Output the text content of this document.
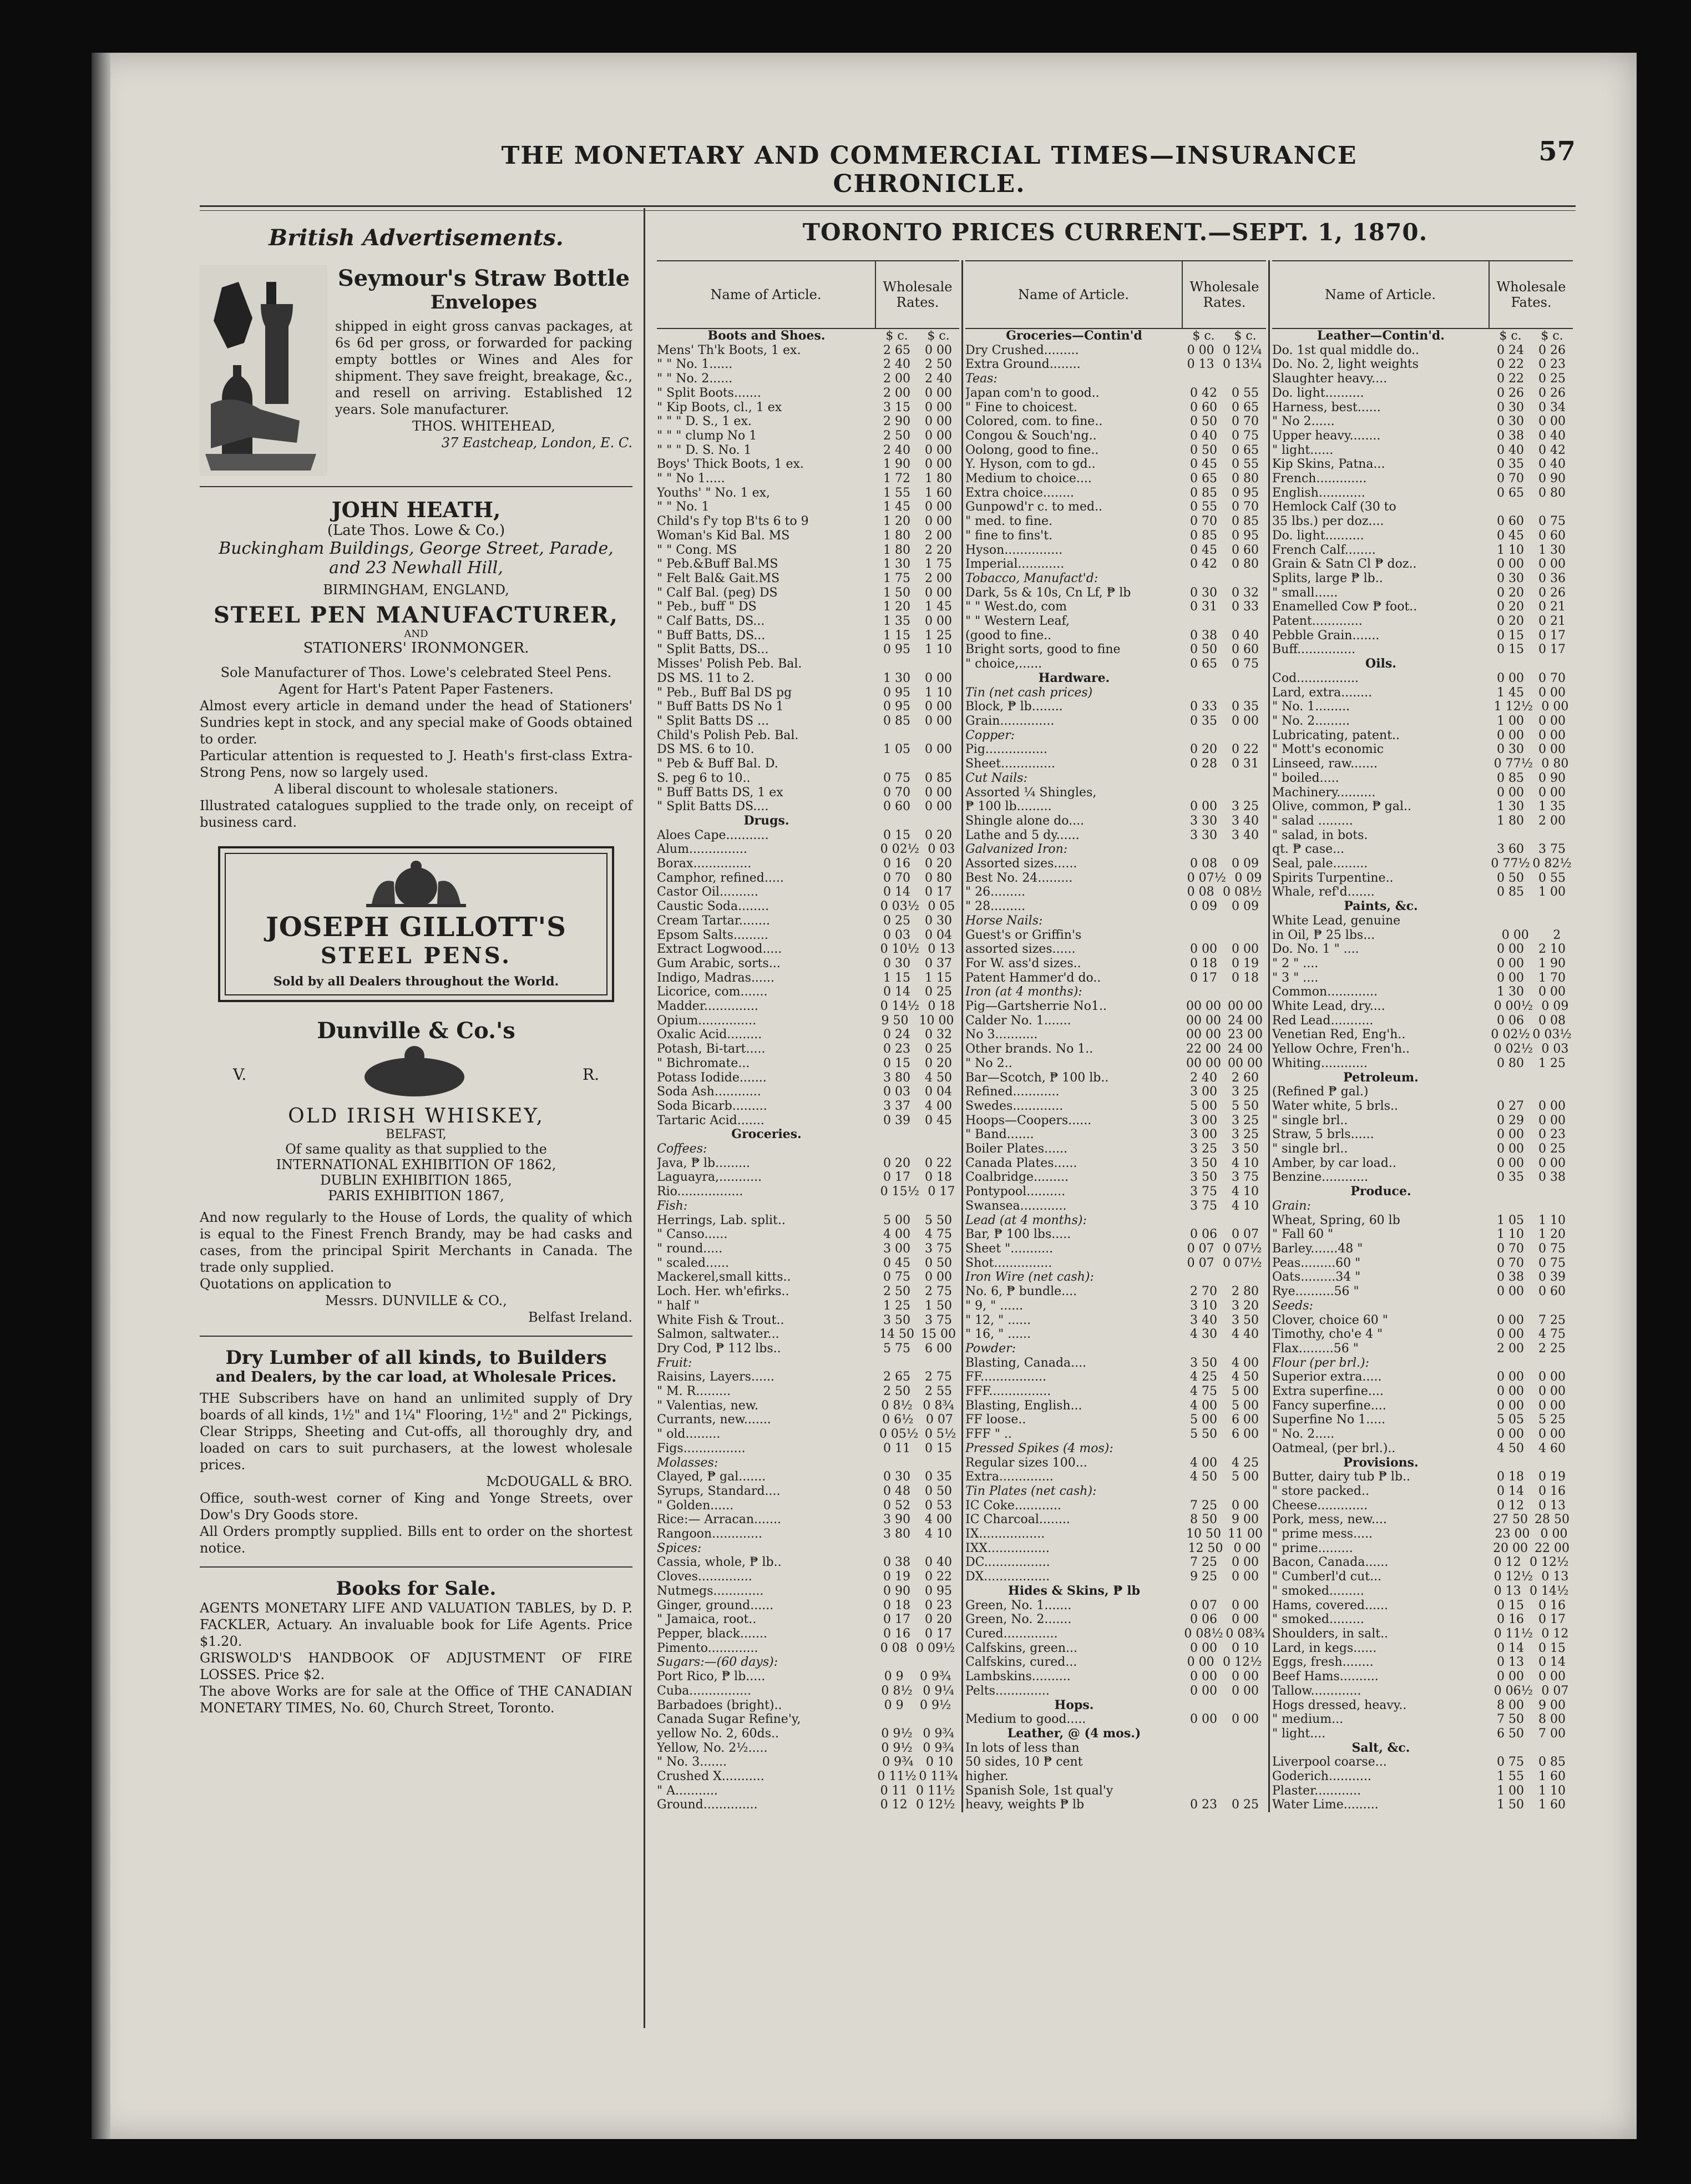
THE MONETARY AND COMMERCIAL TIMES—INSURANCE CHRONICLE.
57
British Advertisements.
Seymour's Straw Bottle
Envelopes
shipped in eight gross canvas packages, at 6s 6d per gross, or forwarded for packing empty bottles or Wines and Ales for shipment. They save freight, breakage, &c., and resell on arriving. Established 12 years. Sole manufacturer.
THOS. WHITEHEAD,
37 Eastcheap, London, E. C.
JOHN HEATH,
(Late Thos. Lowe & Co.)
Buckingham Buildings, George Street, Parade,
and 23 Newhall Hill,
BIRMINGHAM, ENGLAND,
STEEL PEN MANUFACTURER,
AND
STATIONERS' IRONMONGER.
Sole Manufacturer of Thos. Lowe's celebrated Steel Pens.
Agent for Hart's Patent Paper Fasteners.
Almost every article in demand under the head of Stationers' Sundries kept in stock, and any special make of Goods obtained to order.
Particular attention is requested to J. Heath's first-class Extra-Strong Pens, now so largely used.
A liberal discount to wholesale stationers.
Illustrated catalogues supplied to the trade only, on receipt of business card.
JOSEPH GILLOTT'S
STEEL PENS.
Sold by all Dealers throughout the World.
Dunville & Co.'s
V.	R.
OLD IRISH WHISKEY,
BELFAST,
Of same quality as that supplied to the
INTERNATIONAL EXHIBITION OF 1862,
DUBLIN EXHIBITION 1865,
PARIS EXHIBITION 1867,
And now regularly to the House of Lords, the quality of which is equal to the Finest French Brandy, may be had casks and cases, from the principal Spirit Merchants in Canada. The trade only supplied.
Quotations on application to
Messrs. DUNVILLE & CO.,
Belfast Ireland.
Dry Lumber of all kinds, to Builders
and Dealers, by the car load, at Wholesale Prices.
THE Subscribers have on hand an unlimited supply of Dry boards of all kinds, 1½" and 1¼" Flooring, 1½" and 2" Pickings, Clear Stripps, Sheeting and Cut-offs, all thoroughly dry, and loaded on cars to suit purchasers, at the lowest wholesale prices.
McDOUGALL & BRO.
Office, south-west corner of King and Yonge Streets, over Dow's Dry Goods store.
All Orders promptly supplied. Bills ent to order on the shortest notice.
Books for Sale.
AGENTS MONETARY LIFE AND VALUATION TABLES, by D. P. FACKLER, Actuary. An invaluable book for Life Agents. Price $1.20.
GRISWOLD'S HANDBOOK OF ADJUSTMENT OF FIRE LOSSES. Price $2.
The above Works are for sale at the Office of THE CANADIAN MONETARY TIMES, No. 60, Church Street, Toronto.
TORONTO PRICES CURRENT.—SEPT. 1, 1870.
Name of Article.	Wholesale Rates.
Boots and Shoes.	$ c. $ c.
Mens' Th'k Boots, 1 ex.	2 65 0 00
" " No. 1......	2 40 2 50
" " No. 2......	2 00 2 40
" Split Boots.......	2 00 0 00
" Kip Boots, cl., 1 ex	3 15 0 00
" " " D. S., 1 ex.	2 90 0 00
" " " clump No 1	2 50 0 00
" " " D. S. No. 1	2 40 0 00
Boys' Thick Boots, 1 ex.	1 90 0 00
" " No 1.....	1 72 1 80
Youths' " No. 1 ex,	1 55 1 60
" " No. 1	1 45 0 00
Child's f'y top B'ts 6 to 9	1 20 0 00
Woman's Kid Bal. MS	1 80 2 00
" " Cong. MS	1 80 2 20
" Peb.&Buff Bal.MS	1 30 1 75
" Felt Bal& Gait.MS	1 75 2 00
" Calf Bal. (peg) DS	1 50 0 00
" Peb., buff " DS	1 20 1 45
" Calf Batts, DS...	1 35 0 00
" Buff Batts, DS...	1 15 1 25
" Split Batts, DS...	0 95 1 10
Misses' Polish Peb. Bal.
DS MS. 11 to 2.	1 30 0 00
" Peb., Buff Bal DS pg	0 95 1 10
" Buff Batts DS No 1	0 95 0 00
" Split Batts DS ...	0 85 0 00
Child's Polish Peb. Bal.
DS MS. 6 to 10.	1 05 0 00
" Peb & Buff Bal. D.
S. peg 6 to 10..	0 75 0 85
" Buff Batts DS, 1 ex	0 70 0 00
" Split Batts DS....	0 60 0 00
Drugs.
Aloes Cape...........	0 15 0 20
Alum...............	0 02½ 0 03
Borax...............	0 16 0 20
Camphor, refined.....	0 70 0 80
Castor Oil..........	0 14 0 17
Caustic Soda........	0 03½ 0 05
Cream Tartar........	0 25 0 30
Epsom Salts.........	0 03 0 04
Extract Logwood.....	0 10½ 0 13
Gum Arabic, sorts...	0 30 0 37
Indigo, Madras......	1 15 1 15
Licorice, com.......	0 14 0 25
Madder..............	0 14½ 0 18
Opium...............	9 50 10 00
Oxalic Acid.........	0 24 0 32
Potash, Bi-tart.....	0 23 0 25
" Bichromate...	0 15 0 20
Potass Iodide.......	3 80 4 50
Soda Ash............	0 03 0 04
Soda Bicarb.........	3 37 4 00
Tartaric Acid.......	0 39 0 45
Groceries.
Coffees:
Java, ₱ lb.........	0 20 0 22
Laguayra,...........	0 17 0 18
Rio.................	0 15½ 0 17
Fish:
Herrings, Lab. split..	5 00 5 50
" Canso......	4 00 4 75
" round.....	3 00 3 75
" scaled......	0 45 0 50
Mackerel,small kitts..	0 75 0 00
Loch. Her. wh'efirks..	2 50 2 75
" half "	1 25 1 50
White Fish & Trout..	3 50 3 75
Salmon, saltwater...	14 50 15 00
Dry Cod, ₱ 112 lbs..	5 75 6 00
Fruit:
Raisins, Layers......	2 65 2 75
" M. R.........	2 50 2 55
" Valentias, new.	0 8½ 0 8¾
Currants, new.......	0 6½ 0 07
" old.........	0 05½ 0 5½
Figs................	0 11 0 15
Molasses:
Clayed, ₱ gal.......	0 30 0 35
Syrups, Standard....	0 48 0 50
" Golden......	0 52 0 53
Rice:— Arracan.......	3 90 4 00
Rangoon.............	3 80 4 10
Spices:
Cassia, whole, ₱ lb..	0 38 0 40
Cloves..............	0 19 0 22
Nutmegs.............	0 90 0 95
Ginger, ground......	0 18 0 23
" Jamaica, root..	0 17 0 20
Pepper, black.......	0 16 0 17
Pimento.............	0 08 0 09½
Sugars:—(60 days):
Port Rico, ₱ lb.....	0 9 0 9¾
Cuba................	0 8½ 0 9¼
Barbadoes (bright)..	0 9 0 9½
Canada Sugar Refine'y,
yellow No. 2, 60ds..	0 9½ 0 9¾
Yellow, No. 2½.....	0 9½ 0 9¾
" No. 3.......	0 9¾ 0 10
Crushed X...........	0 11½ 0 11¾
" A...........	0 11 0 11½
Ground..............	0 12 0 12½
Name of Article.	Wholesale Rates.
Groceries—Contin'd	$ c. $ c.
Dry Crushed.........	0 00 0 12¼
Extra Ground........	0 13 0 13¼
Teas:
Japan com'n to good..	0 42 0 55
" Fine to choicest.	0 60 0 65
Colored, com. to fine..	0 50 0 70
Congou & Souch'ng..	0 40 0 75
Oolong, good to fine..	0 50 0 65
Y. Hyson, com to gd..	0 45 0 55
Medium to choice....	0 65 0 80
Extra choice........	0 85 0 95
Gunpowd'r c. to med..	0 55 0 70
" med. to fine.	0 70 0 85
" fine to fins't.	0 85 0 95
Hyson...............	0 45 0 60
Imperial............	0 42 0 80
Tobacco, Manufact'd:
Dark, 5s & 10s, Cn Lf, ₱ lb	0 30 0 32
" " West.do, com	0 31 0 33
" " Western Leaf,
(good to fine..	0 38 0 40
Bright sorts, good to fine	0 50 0 60
" choice,......	0 65 0 75
Hardware.
Tin (net cash prices)
Block, ₱ lb........	0 33 0 35
Grain..............	0 35 0 00
Copper:
Pig................	0 20 0 22
Sheet..............	0 28 0 31
Cut Nails:
Assorted ¼ Shingles,
₱ 100 lb.........	0 00 3 25
Shingle alone do....	3 30 3 40
Lathe and 5 dy......	3 30 3 40
Galvanized Iron:
Assorted sizes......	0 08 0 09
Best No. 24.........	0 07½ 0 09
" 26.........	0 08 0 08½
" 28.........	0 09 0 09
Horse Nails:
Guest's or Griffin's
assorted sizes......	0 00 0 00
For W. ass'd sizes..	0 18 0 19
Patent Hammer'd do..	0 17 0 18
Iron (at 4 months):
Pig—Gartsherrie No1..	00 00 00 00
Calder No. 1.......	00 00 24 00
No 3...........	00 00 23 00
Other brands. No 1..	22 00 24 00
" No 2..	00 00 00 00
Bar—Scotch, ₱ 100 lb..	2 40 2 60
Refined............	3 00 3 25
Swedes.............	5 00 5 50
Hoops—Coopers......	3 00 3 25
" Band.......	3 00 3 25
Boiler Plates......	3 25 3 50
Canada Plates......	3 50 4 10
Coalbridge.........	3 50 3 75
Pontypool..........	3 75 4 10
Swansea............	3 75 4 10
Lead (at 4 months):
Bar, ₱ 100 lbs.....	0 06 0 07
Sheet "...........	0 07 0 07½
Shot...............	0 07 0 07½
Iron Wire (net cash):
No. 6, ₱ bundle....	2 70 2 80
" 9, " ......	3 10 3 20
" 12, " ......	3 40 3 50
" 16, " ......	4 30 4 40
Powder:
Blasting, Canada....	3 50 4 00
FF.................	4 25 4 50
FFF................	4 75 5 00
Blasting, English...	4 00 5 00
FF loose..	5 00 6 00
FFF " ..	5 50 6 00
Pressed Spikes (4 mos):
Regular sizes 100...	4 00 4 25
Extra..............	4 50 5 00
Tin Plates (net cash):
IC Coke............	7 25 0 00
IC Charcoal........	8 50 9 00
IX.................	10 50 11 00
IXX................	12 50 0 00
DC.................	7 25 0 00
DX.................	9 25 0 00
Hides & Skins, ₱ lb
Green, No. 1.......	0 07 0 00
Green, No. 2.......	0 06 0 00
Cured..............	0 08½ 0 08¾
Calfskins, green...	0 00 0 10
Calfskins, cured...	0 00 0 12½
Lambskins..........	0 00 0 00
Pelts..............	0 00 0 00
Hops.
Medium to good.....	0 00 0 00
Leather, @ (4 mos.)
In lots of less than
50 sides, 10 ₱ cent
higher.
Spanish Sole, 1st qual'y
heavy, weights ₱ lb	0 23 0 25
Name of Article.	Wholesale Fates.
Leather—Contin'd.	$ c. $ c.
Do. 1st qual middle do..	0 24 0 26
Do. No. 2, light weights	0 22 0 23
Slaughter heavy....	0 22 0 25
Do. light..........	0 26 0 26
Harness, best......	0 30 0 34
" No 2......	0 30 0 00
Upper heavy........	0 38 0 40
" light......	0 40 0 42
Kip Skins, Patna...	0 35 0 40
French.............	0 70 0 90
English............	0 65 0 80
Hemlock Calf (30 to
35 lbs.) per doz....	0 60 0 75
Do. light..........	0 45 0 60
French Calf........	1 10 1 30
Grain & Satn Cl ₱ doz..	0 00 0 00
Splits, large ₱ lb..	0 30 0 36
" small......	0 20 0 26
Enamelled Cow ₱ foot..	0 20 0 21
Patent.............	0 20 0 21
Pebble Grain.......	0 15 0 17
Buff...............	0 15 0 17
Oils.
Cod................	0 00 0 70
Lard, extra........	1 45 0 00
" No. 1.........	1 12½ 0 00
" No. 2.........	1 00 0 00
Lubricating, patent..	0 00 0 00
" Mott's economic	0 30 0 00
Linseed, raw.......	0 77½ 0 80
" boiled.....	0 85 0 90
Machinery..........	0 00 0 00
Olive, common, ₱ gal..	1 30 1 35
" salad .........	1 80 2 00
" salad, in bots.
qt. ₱ case...	3 60 3 75
Seal, pale.........	0 77½ 0 82½
Spirits Turpentine..	0 50 0 55
Whale, ref'd.......	0 85 1 00
Paints, &c.
White Lead, genuine
in Oil, ₱ 25 lbs...	0 00 2
Do. No. 1 " ....	0 00 2 10
" 2 " ....	0 00 1 90
" 3 " ....	0 00 1 70
Common.............	1 30 0 00
White Lead, dry....	0 00½ 0 09
Red Lead...........	0 06 0 08
Venetian Red, Eng'h..	0 02½ 0 03½
Yellow Ochre, Fren'h..	0 02½ 0 03
Whiting............	0 80 1 25
Petroleum.
(Refined ₱ gal.)
Water white, 5 brls..	0 27 0 00
" single brl..	0 29 0 00
Straw, 5 brls......	0 00 0 23
" single brl..	0 00 0 25
Amber, by car load..	0 00 0 00
Benzine............	0 35 0 38
Produce.
Grain:
Wheat, Spring, 60 lb	1 05 1 10
" Fall 60 "	1 10 1 20
Barley.......48 "	0 70 0 75
Peas.........60 "	0 70 0 75
Oats.........34 "	0 38 0 39
Rye..........56 "	0 00 0 60
Seeds:
Clover, choice 60 "	0 00 7 25
Timothy, cho'e 4 "	0 00 4 75
Flax.........56 "	2 00 2 25
Flour (per brl.):
Superior extra.....	0 00 0 00
Extra superfine....	0 00 0 00
Fancy superfine....	0 00 0 00
Superfine No 1.....	5 05 5 25
" No. 2.....	0 00 0 00
Oatmeal, (per brl.)..	4 50 4 60
Provisions.
Butter, dairy tub ₱ lb..	0 18 0 19
" store packed..	0 14 0 16
Cheese.............	0 12 0 13
Pork, mess, new....	27 50 28 50
" prime mess.....	23 00 0 00
" prime.........	20 00 22 00
Bacon, Canada......	0 12 0 12½
" Cumberl'd cut...	0 12½ 0 13
" smoked.........	0 13 0 14½
Hams, covered......	0 15 0 16
" smoked.........	0 16 0 17
Shoulders, in salt..	0 11½ 0 12
Lard, in kegs......	0 14 0 15
Eggs, fresh........	0 13 0 14
Beef Hams..........	0 00 0 00
Tallow.............	0 06½ 0 07
Hogs dressed, heavy..	8 00 9 00
" medium...	7 50 8 00
" light....	6 50 7 00
Salt, &c.
Liverpool coarse...	0 75 0 85
Goderich...........	1 55 1 60
Plaster............	1 00 1 10
Water Lime.........	1 50 1 60
